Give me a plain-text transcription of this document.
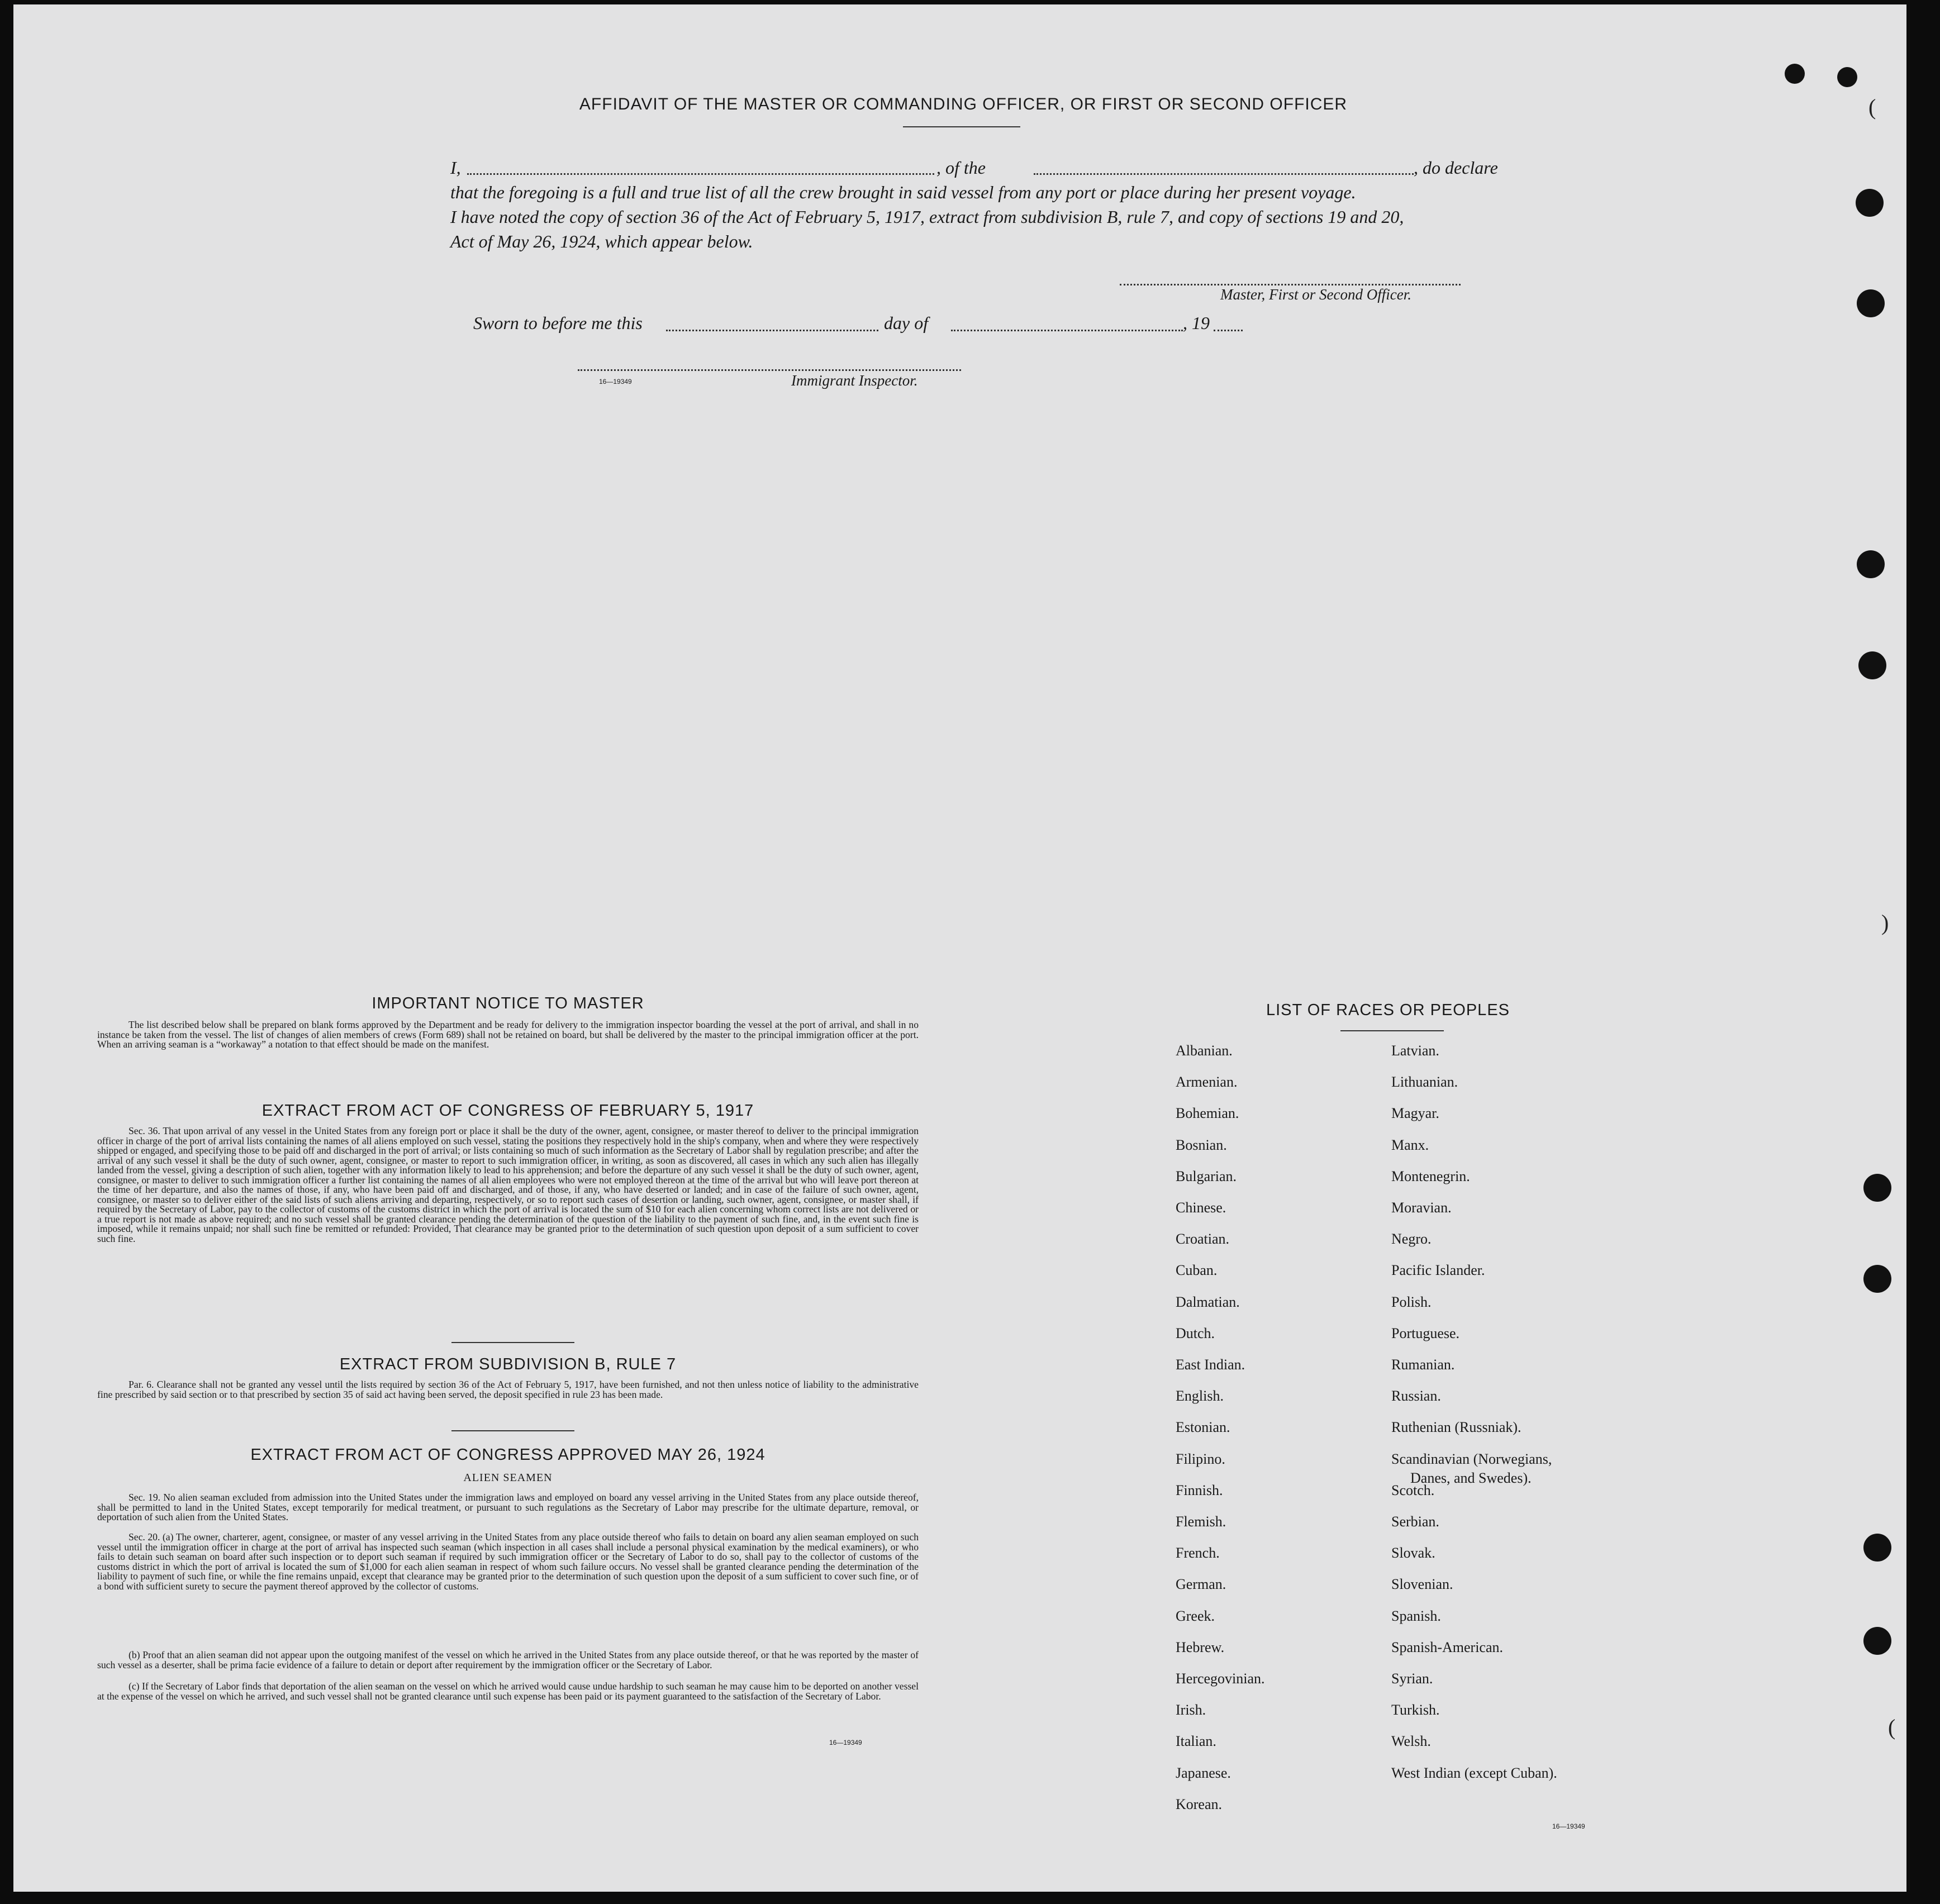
(
)
(
AFFIDAVIT OF THE MASTER OR COMMANDING OFFICER, OR FIRST OR SECOND OFFICER
I,	, of the	, do declare
that the foregoing is a full and true list of all the crew brought in said vessel from any port or place during her present voyage.
I have noted the copy of section 36 of the Act of February 5, 1917, extract from subdivision B, rule 7, and copy of sections 19 and 20,
Act of May 26, 1924, which appear below.
Master, First or Second Officer.
Sworn to before me this	day of	, 19
16—19349	Immigrant Inspector.
IMPORTANT NOTICE TO MASTER
The list described below shall be prepared on blank forms approved by the Department and be ready for delivery to the immigration inspector boarding the vessel at the port of arrival, and shall in no instance be taken from the vessel. The list of changes of alien members of crews (Form 689) shall not be retained on board, but shall be delivered by the master to the principal immigration officer at the port. When an arriving seaman is a “workaway” a notation to that effect should be made on the manifest.
EXTRACT FROM ACT OF CONGRESS OF FEBRUARY 5, 1917
Sec. 36. That upon arrival of any vessel in the United States from any foreign port or place it shall be the duty of the owner, agent, consignee, or master thereof to deliver to the principal immigration officer in charge of the port of arrival lists containing the names of all aliens employed on such vessel, stating the positions they respectively hold in the ship's company, when and where they were respectively shipped or engaged, and specifying those to be paid off and discharged in the port of arrival; or lists containing so much of such information as the Secretary of Labor shall by regulation prescribe; and after the arrival of any such vessel it shall be the duty of such owner, agent, consignee, or master to report to such immigration officer, in writing, as soon as discovered, all cases in which any such alien has illegally landed from the vessel, giving a description of such alien, together with any information likely to lead to his apprehension; and before the departure of any such vessel it shall be the duty of such owner, agent, consignee, or master to deliver to such immigration officer a further list containing the names of all alien employees who were not employed thereon at the time of the arrival but who will leave port thereon at the time of her departure, and also the names of those, if any, who have been paid off and discharged, and of those, if any, who have deserted or landed; and in case of the failure of such owner, agent, consignee, or master so to deliver either of the said lists of such aliens arriving and departing, respectively, or so to report such cases of desertion or landing, such owner, agent, consignee, or master shall, if required by the Secretary of Labor, pay to the collector of customs of the customs district in which the port of arrival is located the sum of $10 for each alien concerning whom correct lists are not delivered or a true report is not made as above required; and no such vessel shall be granted clearance pending the determination of the question of the liability to the payment of such fine, and, in the event such fine is imposed, while it remains unpaid; nor shall such fine be remitted or refunded: Provided, That clearance may be granted prior to the determination of such question upon deposit of a sum sufficient to cover such fine.
EXTRACT FROM SUBDIVISION B, RULE 7
Par. 6. Clearance shall not be granted any vessel until the lists required by section 36 of the Act of February 5, 1917, have been furnished, and not then unless notice of liability to the administrative fine prescribed by said section or to that prescribed by section 35 of said act having been served, the deposit specified in rule 23 has been made.
EXTRACT FROM ACT OF CONGRESS APPROVED MAY 26, 1924
ALIEN SEAMEN
Sec. 19. No alien seaman excluded from admission into the United States under the immigration laws and employed on board any vessel arriving in the United States from any place outside thereof, shall be permitted to land in the United States, except temporarily for medical treatment, or pursuant to such regulations as the Secretary of Labor may prescribe for the ultimate departure, removal, or deportation of such alien from the United States.
Sec. 20. (a) The owner, charterer, agent, consignee, or master of any vessel arriving in the United States from any place outside thereof who fails to detain on board any alien seaman employed on such vessel until the immigration officer in charge at the port of arrival has inspected such seaman (which inspection in all cases shall include a personal physical examination by the medical examiners), or who fails to detain such seaman on board after such inspection or to deport such seaman if required by such immigration officer or the Secretary of Labor to do so, shall pay to the collector of customs of the customs district in which the port of arrival is located the sum of $1,000 for each alien seaman in respect of whom such failure occurs. No vessel shall be granted clearance pending the determination of the liability to payment of such fine, or while the fine remains unpaid, except that clearance may be granted prior to the determination of such question upon the deposit of a sum sufficient to cover such fine, or of a bond with sufficient surety to secure the payment thereof approved by the collector of customs.
(b) Proof that an alien seaman did not appear upon the outgoing manifest of the vessel on which he arrived in the United States from any place outside thereof, or that he was reported by the master of such vessel as a deserter, shall be prima facie evidence of a failure to detain or deport after requirement by the immigration officer or the Secretary of Labor.
(c) If the Secretary of Labor finds that deportation of the alien seaman on the vessel on which he arrived would cause undue hardship to such seaman he may cause him to be deported on another vessel at the expense of the vessel on which he arrived, and such vessel shall not be granted clearance until such expense has been paid or its payment guaranteed to the satisfaction of the Secretary of Labor.
16—19349
LIST OF RACES OR PEOPLES
16—19349
Albanian.
Armenian.
Bohemian.
Bosnian.
Bulgarian.
Chinese.
Croatian.
Cuban.
Dalmatian.
Dutch.
East Indian.
English.
Estonian.
Filipino.
Finnish.
Flemish.
French.
German.
Greek.
Hebrew.
Hercegovinian.
Irish.
Italian.
Japanese.
Korean.
Latvian.
Lithuanian.
Magyar.
Manx.
Montenegrin.
Moravian.
Negro.
Pacific Islander.
Polish.
Portuguese.
Rumanian.
Russian.
Ruthenian (Russniak).
Scandinavian (Norwegians,
Danes, and Swedes).
Scotch.
Serbian.
Slovak.
Slovenian.
Spanish.
Spanish-American.
Syrian.
Turkish.
Welsh.
West Indian (except Cuban).
